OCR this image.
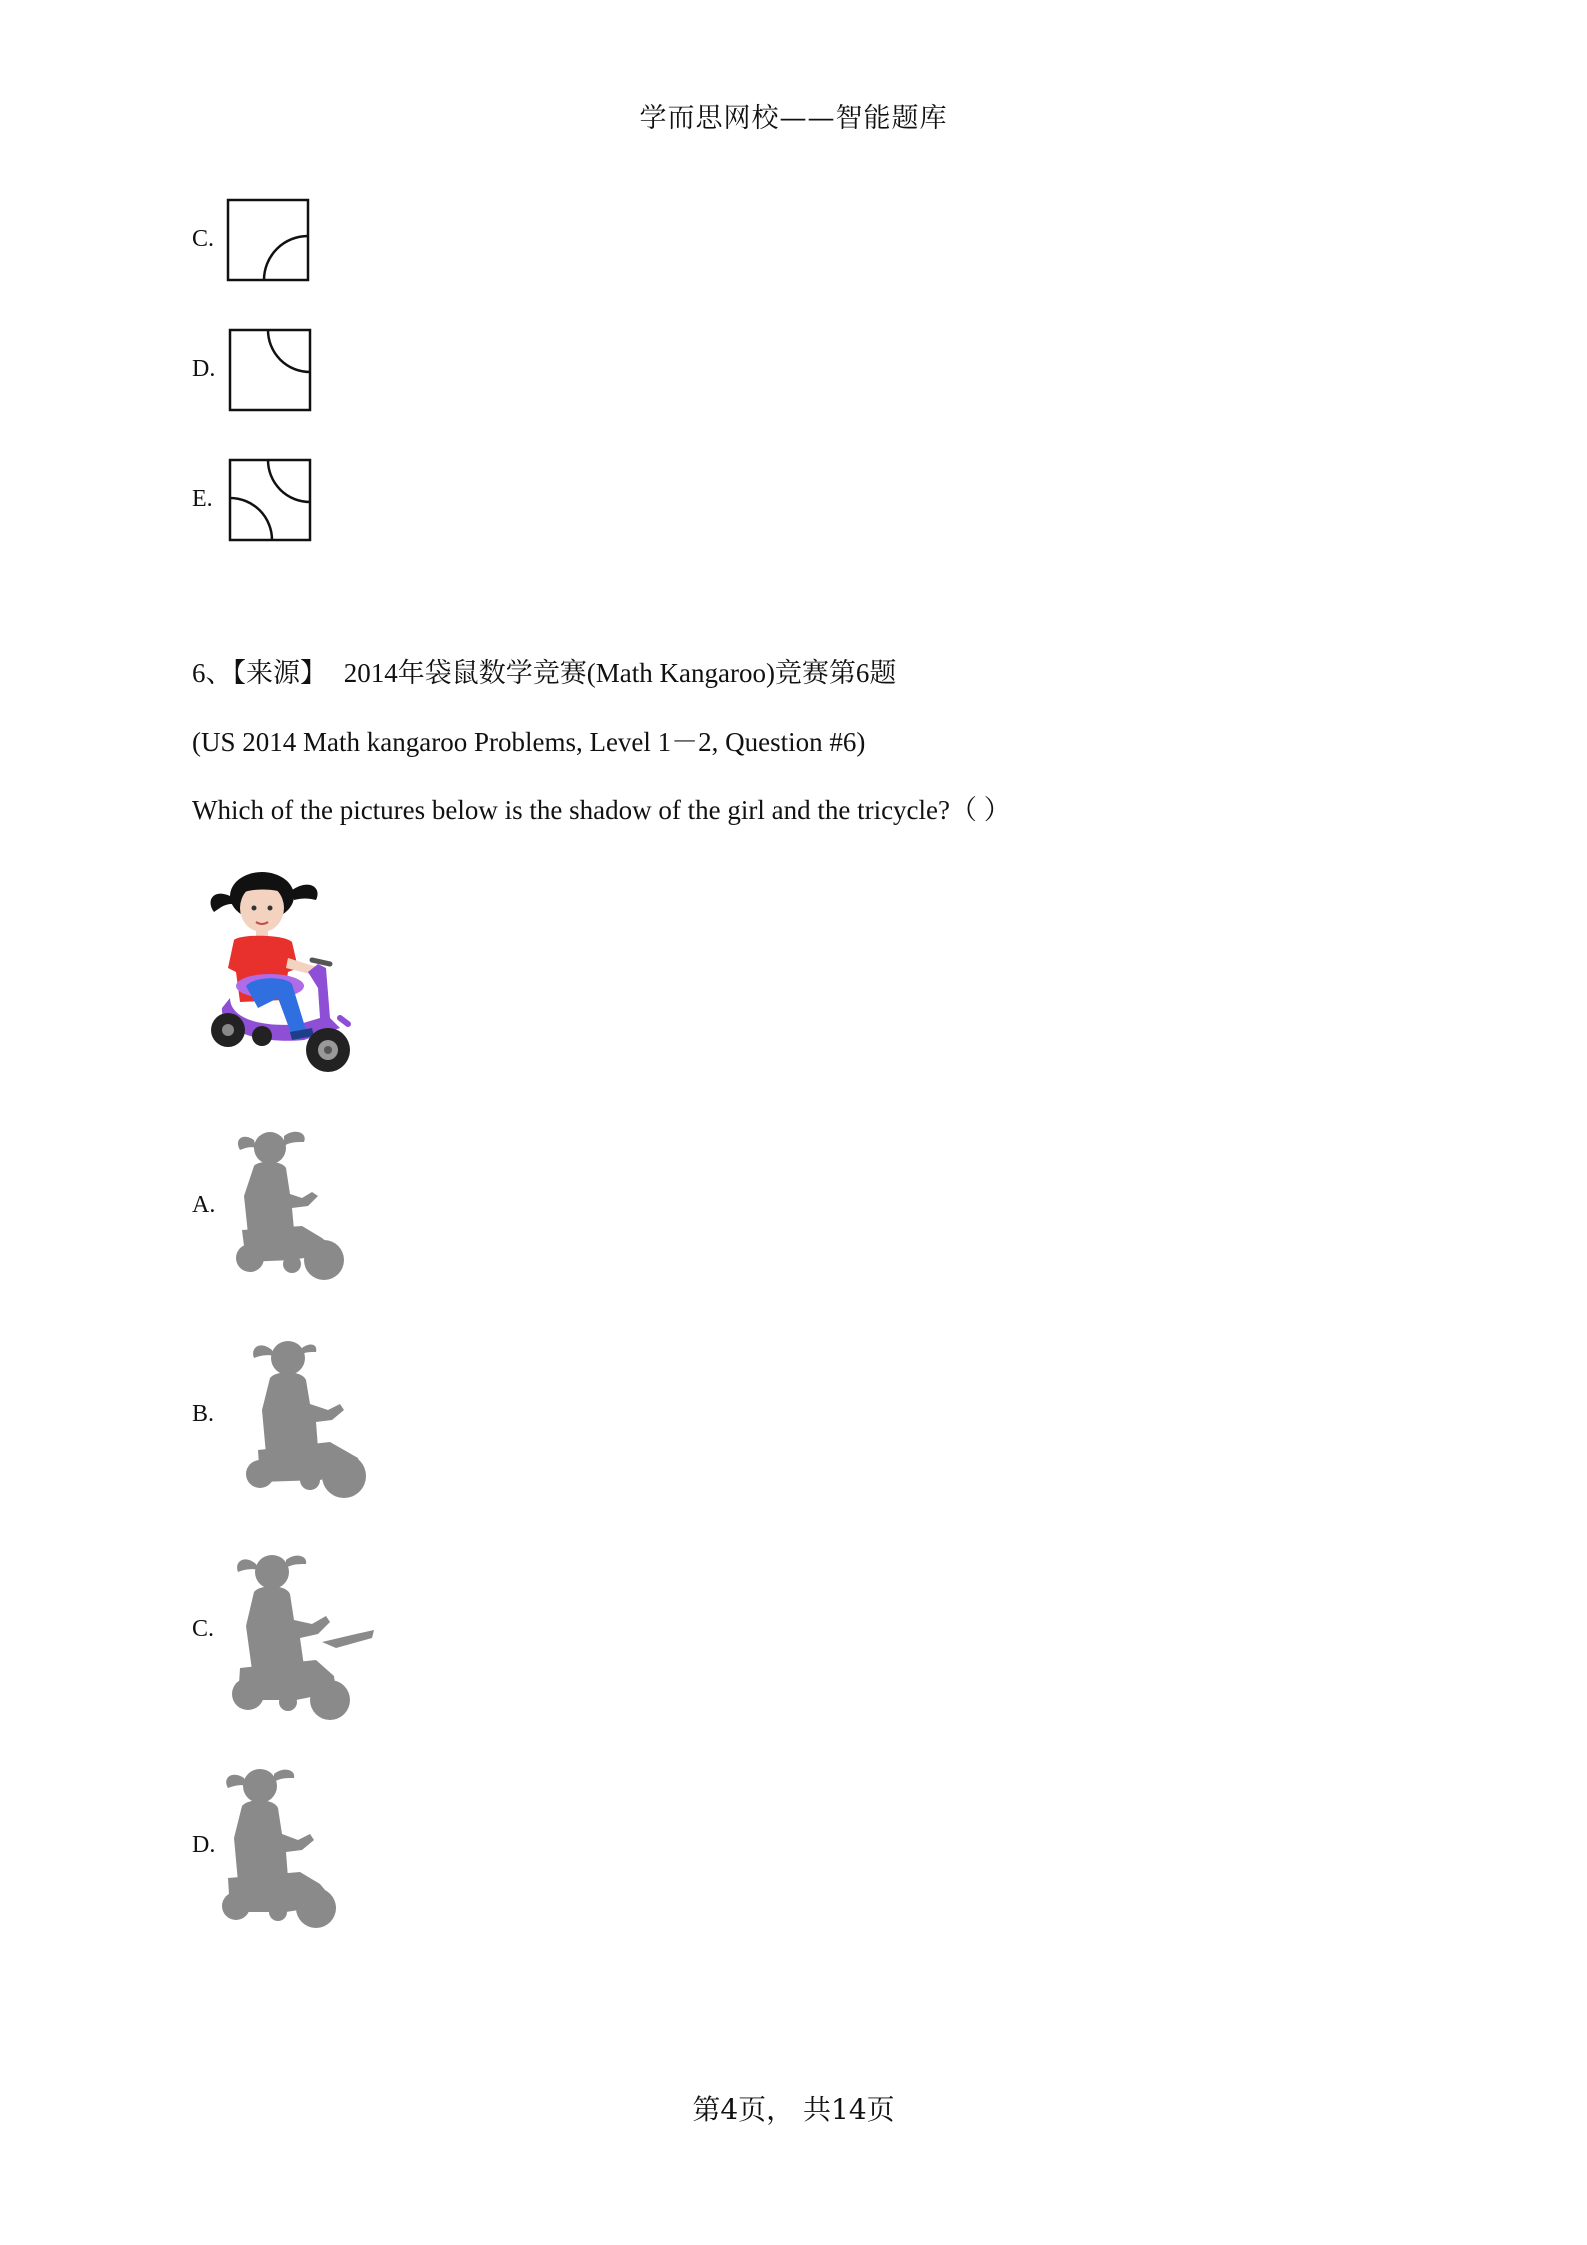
学而思网校——智能题库
C.
D.
E.
6、【来源】 2014年袋鼠数学竞赛(Math Kangaroo)竞赛第6题
(US 2014 Math kangaroo Problems, Level 1－2, Question #6)
Which of the pictures below is the shadow of the girl and the tricycle?（ ）
A.
B.
C.
D.
第4页， 共14页
